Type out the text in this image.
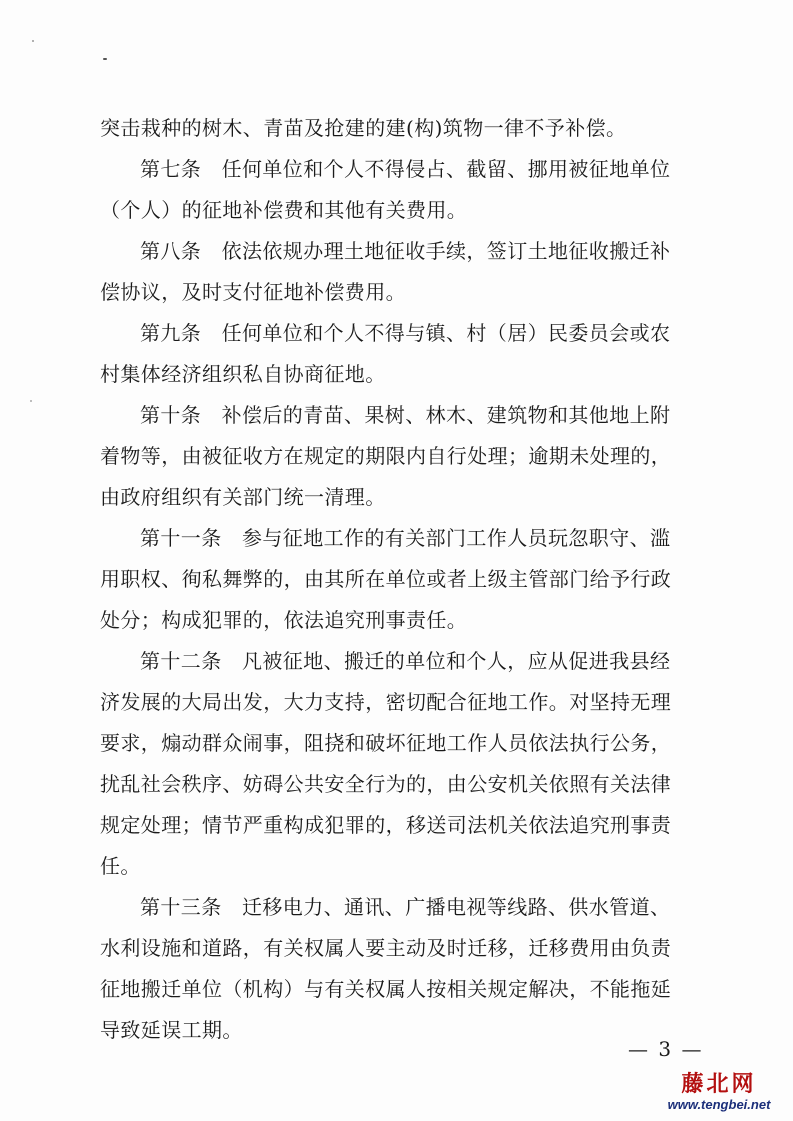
突击栽种的树木、青苗及抢建的建(构)筑物一律不予补偿。
第七条　任何单位和个人不得侵占、截留、挪用被征地单位
（个人）的征地补偿费和其他有关费用。
第八条　依法依规办理土地征收手续，签订土地征收搬迁补
偿协议，及时支付征地补偿费用。
第九条　任何单位和个人不得与镇、村（居）民委员会或农
村集体经济组织私自协商征地。
第十条　补偿后的青苗、果树、林木、建筑物和其他地上附
着物等，由被征收方在规定的期限内自行处理；逾期未处理的，
由政府组织有关部门统一清理。
第十一条　参与征地工作的有关部门工作人员玩忽职守、滥
用职权、徇私舞弊的，由其所在单位或者上级主管部门给予行政
处分；构成犯罪的，依法追究刑事责任。
第十二条　凡被征地、搬迁的单位和个人，应从促进我县经
济发展的大局出发，大力支持，密切配合征地工作。对坚持无理
要求，煽动群众闹事，阻挠和破坏征地工作人员依法执行公务，
扰乱社会秩序、妨碍公共安全行为的，由公安机关依照有关法律
规定处理；情节严重构成犯罪的，移送司法机关依法追究刑事责
任。
第十三条　迁移电力、通讯、广播电视等线路、供水管道、
水利设施和道路，有关权属人要主动及时迁移，迁移费用由负责
征地搬迁单位（机构）与有关权属人按相关规定解决，不能拖延
导致延误工期。
— 3 —
藤北网
www.tengbei.net
